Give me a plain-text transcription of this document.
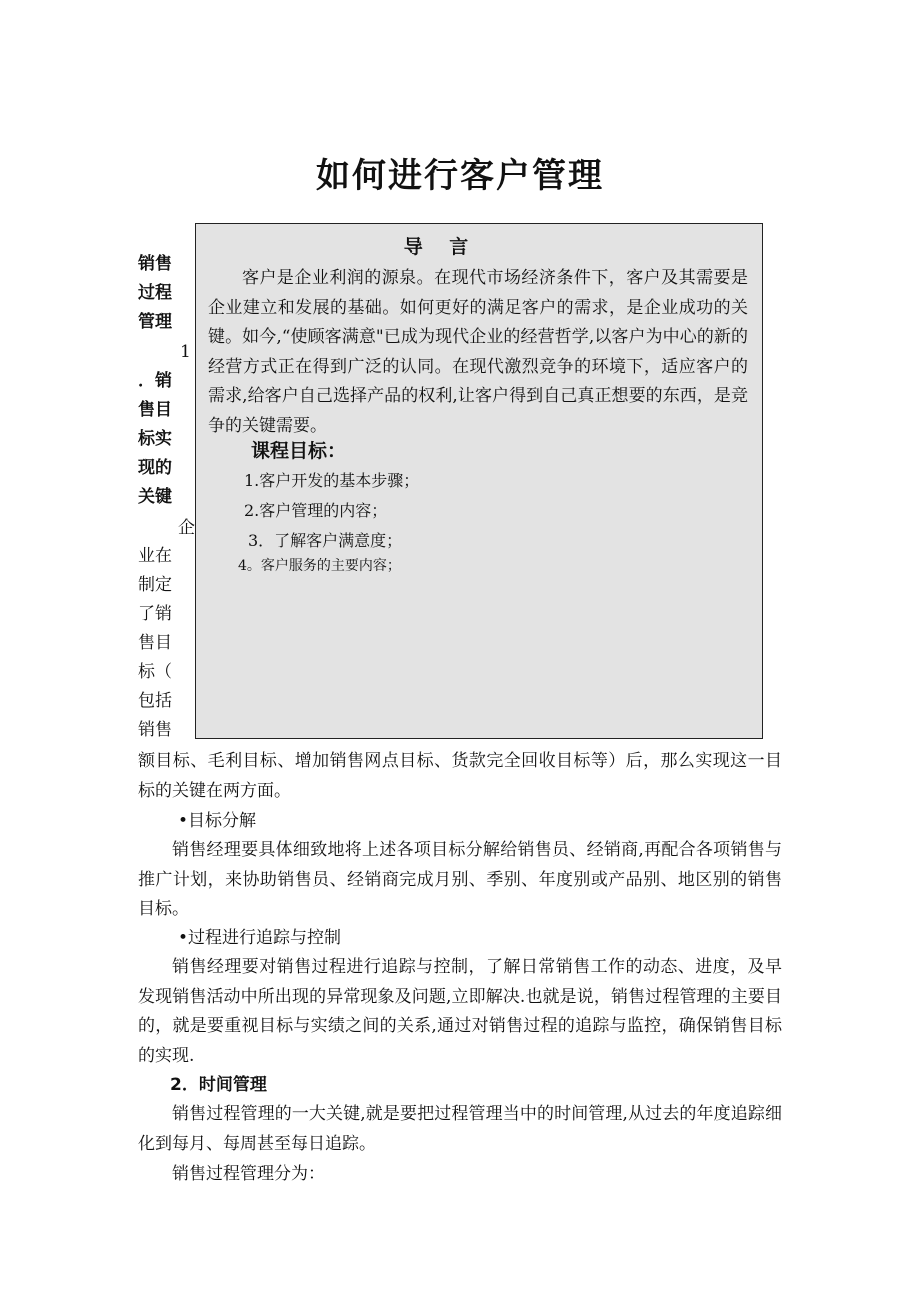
如何进行客户管理
导 言

客户是企业利润的源泉。在现代市场经济条件下，客户及其需要是企业建立和发展的基础。如何更好的满足客户的需求，是企业成功的关键。如今,“使顾客满意"已成为现代企业的经营哲学,以客户为中心的新的经营方式正在得到广泛的认同。在现代激烈竞争的环境下，适应客户的需求,给客户自己选择产品的权利,让客户得到自己真正想要的东西，是竞争的关键需要。

课程目标：

1.客户开发的基本步骤；

2.客户管理的内容；

3．了解客户满意度；

4。客户服务的主要内容；

销售
过程
管理
1
．销
售目
标实
现的
关键
企
业在
制定
了销
售目
标（
包括
销售

额目标、毛利目标、增加销售网点目标、货款完全回收目标等）后，那么实现这一目标的关键在两方面。

•目标分解

销售经理要具体细致地将上述各项目标分解给销售员、经销商,再配合各项销售与推广计划，来协助销售员、经销商完成月别、季别、年度别或产品别、地区别的销售目标。

•过程进行追踪与控制

销售经理要对销售过程进行追踪与控制，了解日常销售工作的动态、进度，及早发现销售活动中所出现的异常现象及问题,立即解决.也就是说，销售过程管理的主要目的，就是要重视目标与实绩之间的关系,通过对销售过程的追踪与监控，确保销售目标的实现.

2．时间管理

销售过程管理的一大关键,就是要把过程管理当中的时间管理,从过去的年度追踪细化到每月、每周甚至每日追踪。

销售过程管理分为：
